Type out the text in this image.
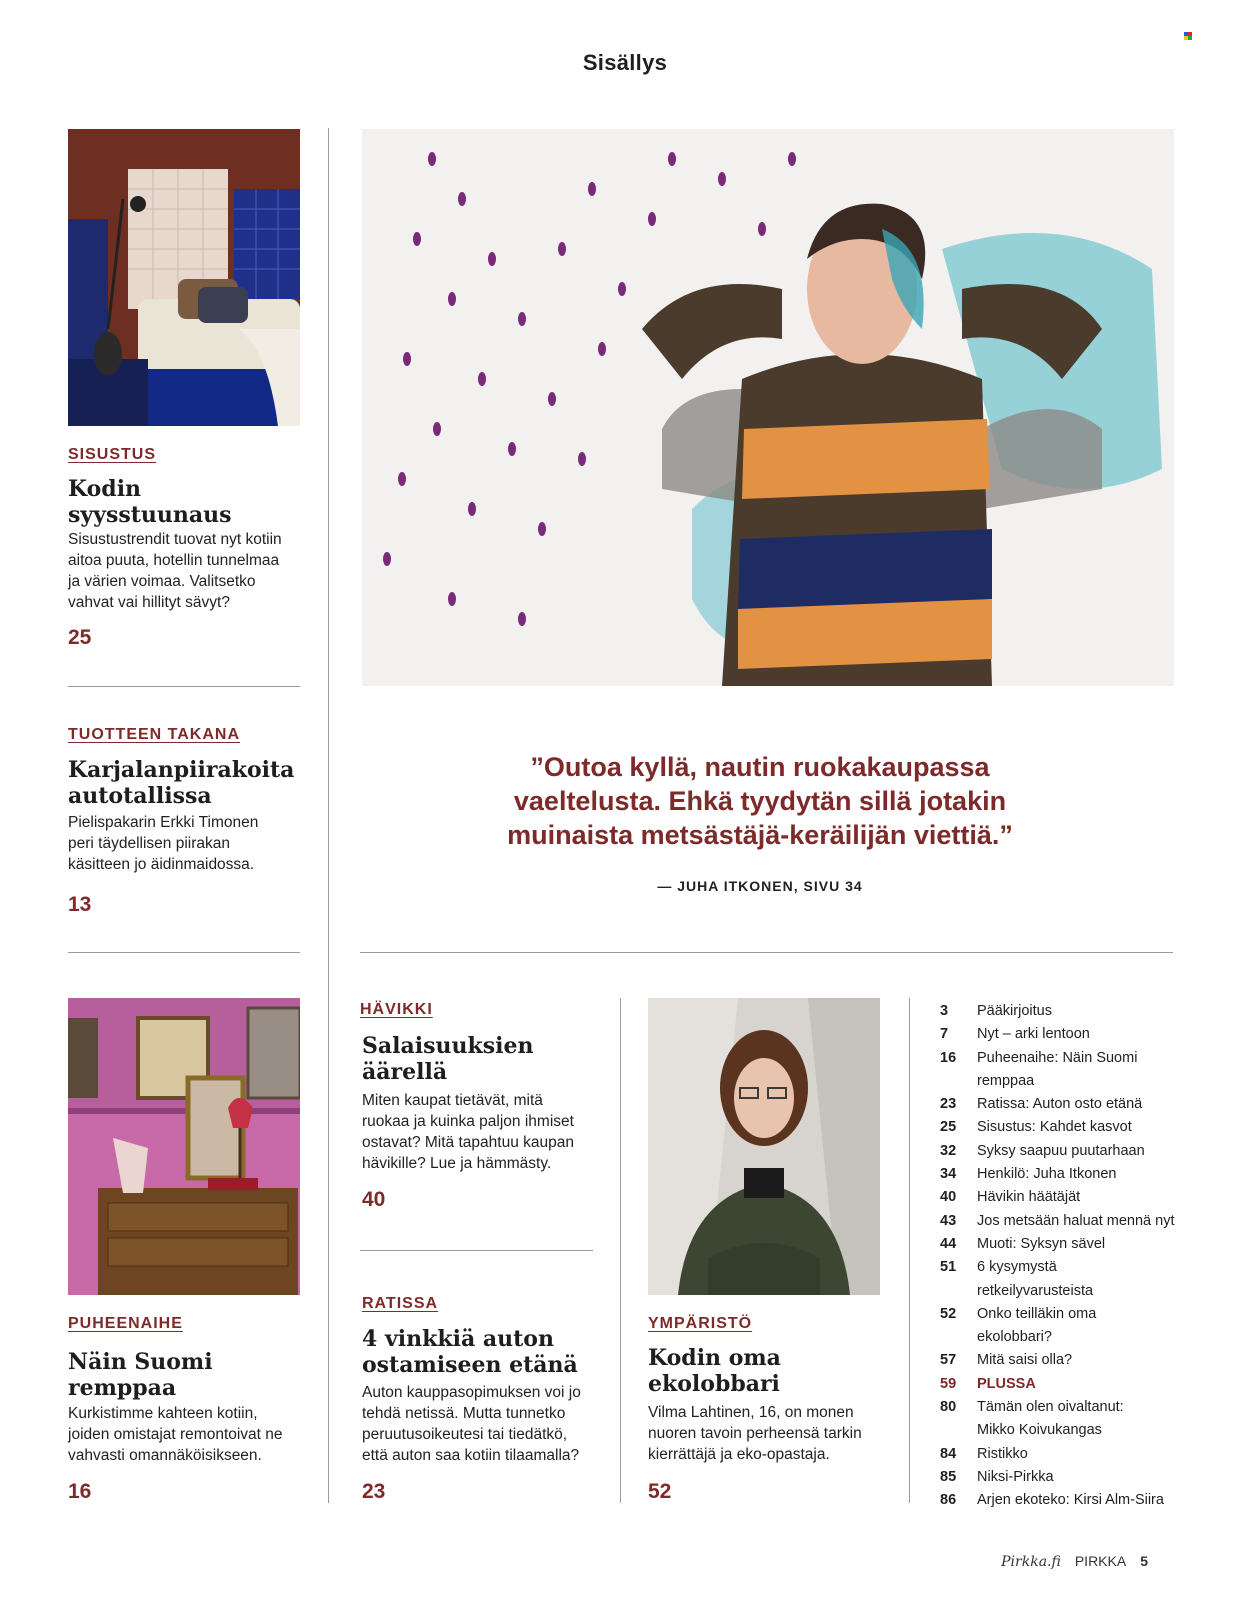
Sisällys
SISUSTUS
Kodin
syysstuunaus
Sisustustrendit tuovat nyt kotiin
aitoa puuta, hotellin tunnelmaa
ja värien voimaa. Valitsetko
vahvat vai hillityt sävyt?
25
TUOTTEEN TAKANA
Karjalanpiirakoita
autotallissa
Pielispakarin Erkki Timonen
peri täydellisen piirakan
käsitteen jo äidinmaidossa.
13
”Outoa kyllä, nautin ruokakaupassa
vaeltelusta. Ehkä tyydytän sillä jotakin
muinaista metsästäjä-keräilijän viettiä.”
— JUHA ITKONEN, SIVU 34
PUHEENAIHE
Näin Suomi
remppaa
Kurkistimme kahteen kotiin,
joiden omistajat remontoivat ne
vahvasti omannäköisikseen.
16
HÄVIKKI
Salaisuuksien
äärellä
Miten kaupat tietävät, mitä
ruokaa ja kuinka paljon ihmiset
ostavat? Mitä tapahtuu kaupan
hävikille? Lue ja hämmästy.
40
RATISSA
4 vinkkiä auton
ostamiseen etänä
Auton kauppasopimuksen voi jo
tehdä netissä. Mutta tunnetko
peruutusoikeutesi tai tiedätkö,
että auton saa kotiin tilaamalla?
23
YMPÄRISTÖ
Kodin oma
ekolobbari
Vilma Lahtinen, 16, on monen
nuoren tavoin perheensä tarkin
kierrättäjä ja eko-opastaja.
52
3	Pääkirjoitus
7	Nyt – arki lentoon
16	Puheenaihe: Näin Suomi
remppaa
23	Ratissa: Auton osto etänä
25	Sisustus: Kahdet kasvot
32	Syksy saapuu puutarhaan
34	Henkilö: Juha Itkonen
40	Hävikin häätäjät
43	Jos metsään haluat mennä nyt
44	Muoti: Syksyn sävel
51	6 kysymystä
retkeilyvarusteista
52	Onko teilläkin oma
ekolobbari?
57	Mitä saisi olla?
59	PLUSSA
80	Tämän olen oivaltanut:
Mikko Koivukangas
84	Ristikko
85	Niksi-Pirkka
86	Arjen ekoteko: Kirsi Alm-Siira
Pirkka.fi PIRKKA 5
